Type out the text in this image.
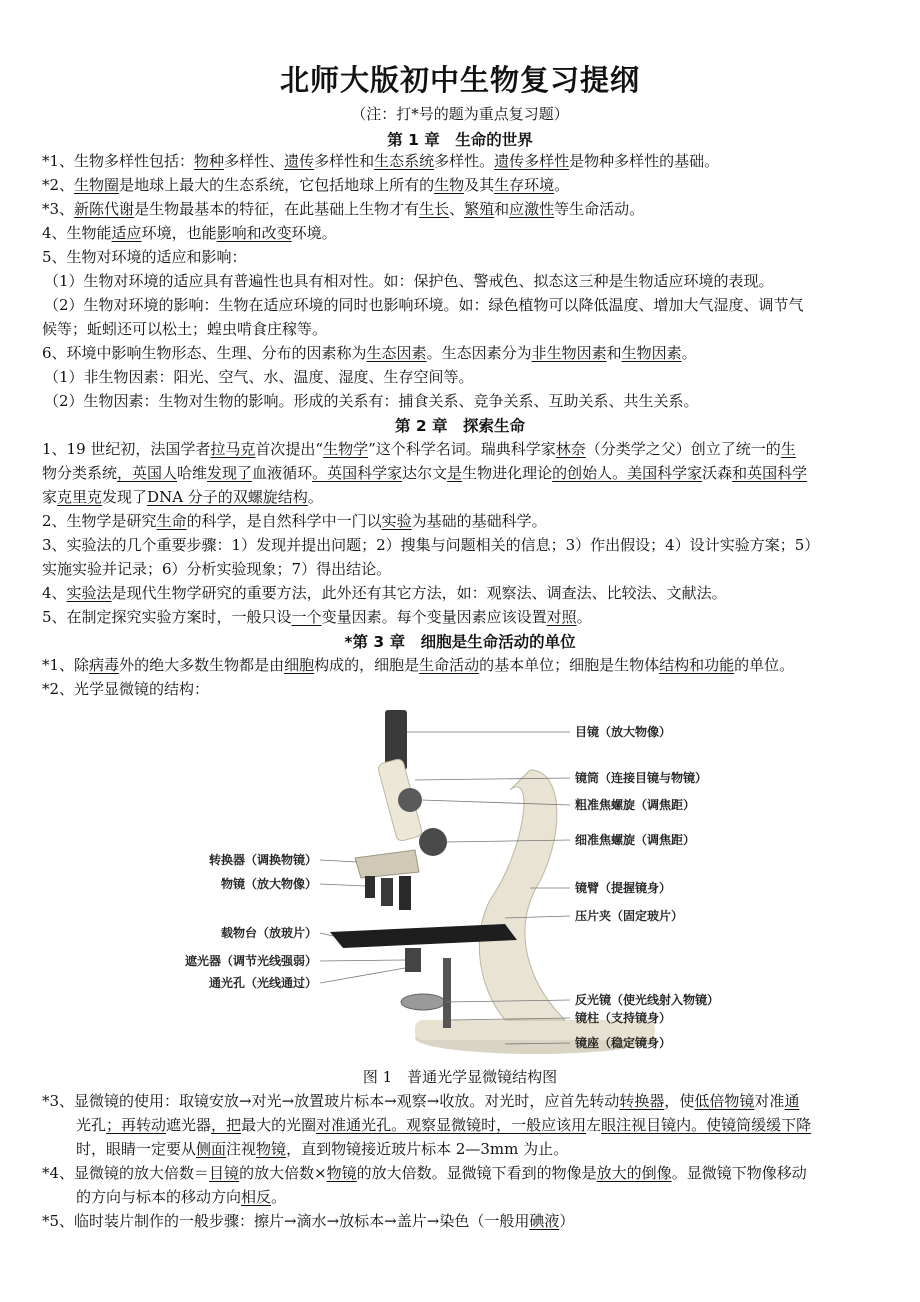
北师大版初中生物复习提纲
（注：打*号的题为重点复习题）
第 1 章　生命的世界
*1、生物多样性包括：物种多样性、遗传多样性和生态系统多样性。遗传多样性是物种多样性的基础。
*2、生物圈是地球上最大的生态系统，它包括地球上所有的生物及其生存环境。
*3、新陈代谢是生物最基本的特征，在此基础上生物才有生长、繁殖和应激性等生命活动。
4、生物能适应环境，也能影响和改变环境。
5、生物对环境的适应和影响：
（1）生物对环境的适应具有普遍性也具有相对性。如：保护色、警戒色、拟态这三种是生物适应环境的表现。
（2）生物对环境的影响：生物在适应环境的同时也影响环境。如：绿色植物可以降低温度、增加大气湿度、调节气
候等；蚯蚓还可以松土；蝗虫啃食庄稼等。
6、环境中影响生物形态、生理、分布的因素称为生态因素。生态因素分为非生物因素和生物因素。
（1）非生物因素：阳光、空气、水、温度、湿度、生存空间等。
（2）生物因素：生物对生物的影响。形成的关系有：捕食关系、竞争关系、互助关系、共生关系。
第 2 章　探索生命
1、19 世纪初，法国学者拉马克首次提出“生物学”这个科学名词。瑞典科学家林奈（分类学之父）创立了统一的生
物分类系统，英国人哈维发现了血液循环。英国科学家达尔文是生物进化理论的创始人。美国科学家沃森和英国科学
家克里克发现了DNA 分子的双螺旋结构。
2、生物学是研究生命的科学，是自然科学中一门以实验为基础的基础科学。
3、实验法的几个重要步骤：1）发现并提出问题；2）搜集与问题相关的信息；3）作出假设；4）设计实验方案；5）
实施实验并记录；6）分析实验现象；7）得出结论。
4、实验法是现代生物学研究的重要方法，此外还有其它方法，如：观察法、调查法、比较法、文献法。
5、在制定探究实验方案时，一般只设一个变量因素。每个变量因素应该设置对照。
*第 3 章　细胞是生命活动的单位
*1、除病毒外的绝大多数生物都是由细胞构成的，细胞是生命活动的基本单位；细胞是生物体结构和功能的单位。
*2、光学显微镜的结构：
目镜（放大物像）
镜筒（连接目镜与物镜）
粗准焦螺旋（调焦距）
细准焦螺旋（调焦距）
镜臂（提握镜身）
压片夹（固定玻片）
反光镜（使光线射入物镜）
镜柱（支持镜身）
镜座（稳定镜身）
转换器（调换物镜）
物镜（放大物像）
载物台（放玻片）
遮光器（调节光线强弱）
通光孔（光线通过）
图 1　普通光学显微镜结构图
*3、显微镜的使用：取镜安放→对光→放置玻片标本→观察→收放。对光时，应首先转动转换器，使低倍物镜对准通
光孔；再转动遮光器，把最大的光圈对准通光孔。观察显微镜时，一般应该用左眼注视目镜内。使镜筒缓缓下降
时，眼睛一定要从侧面注视物镜，直到物镜接近玻片标本 2—3mm 为止。
*4、显微镜的放大倍数＝目镜的放大倍数×物镜的放大倍数。显微镜下看到的物像是放大的倒像。显微镜下物像移动
的方向与标本的移动方向相反。
*5、临时装片制作的一般步骤：擦片→滴水→放标本→盖片→染色（一般用碘液）
